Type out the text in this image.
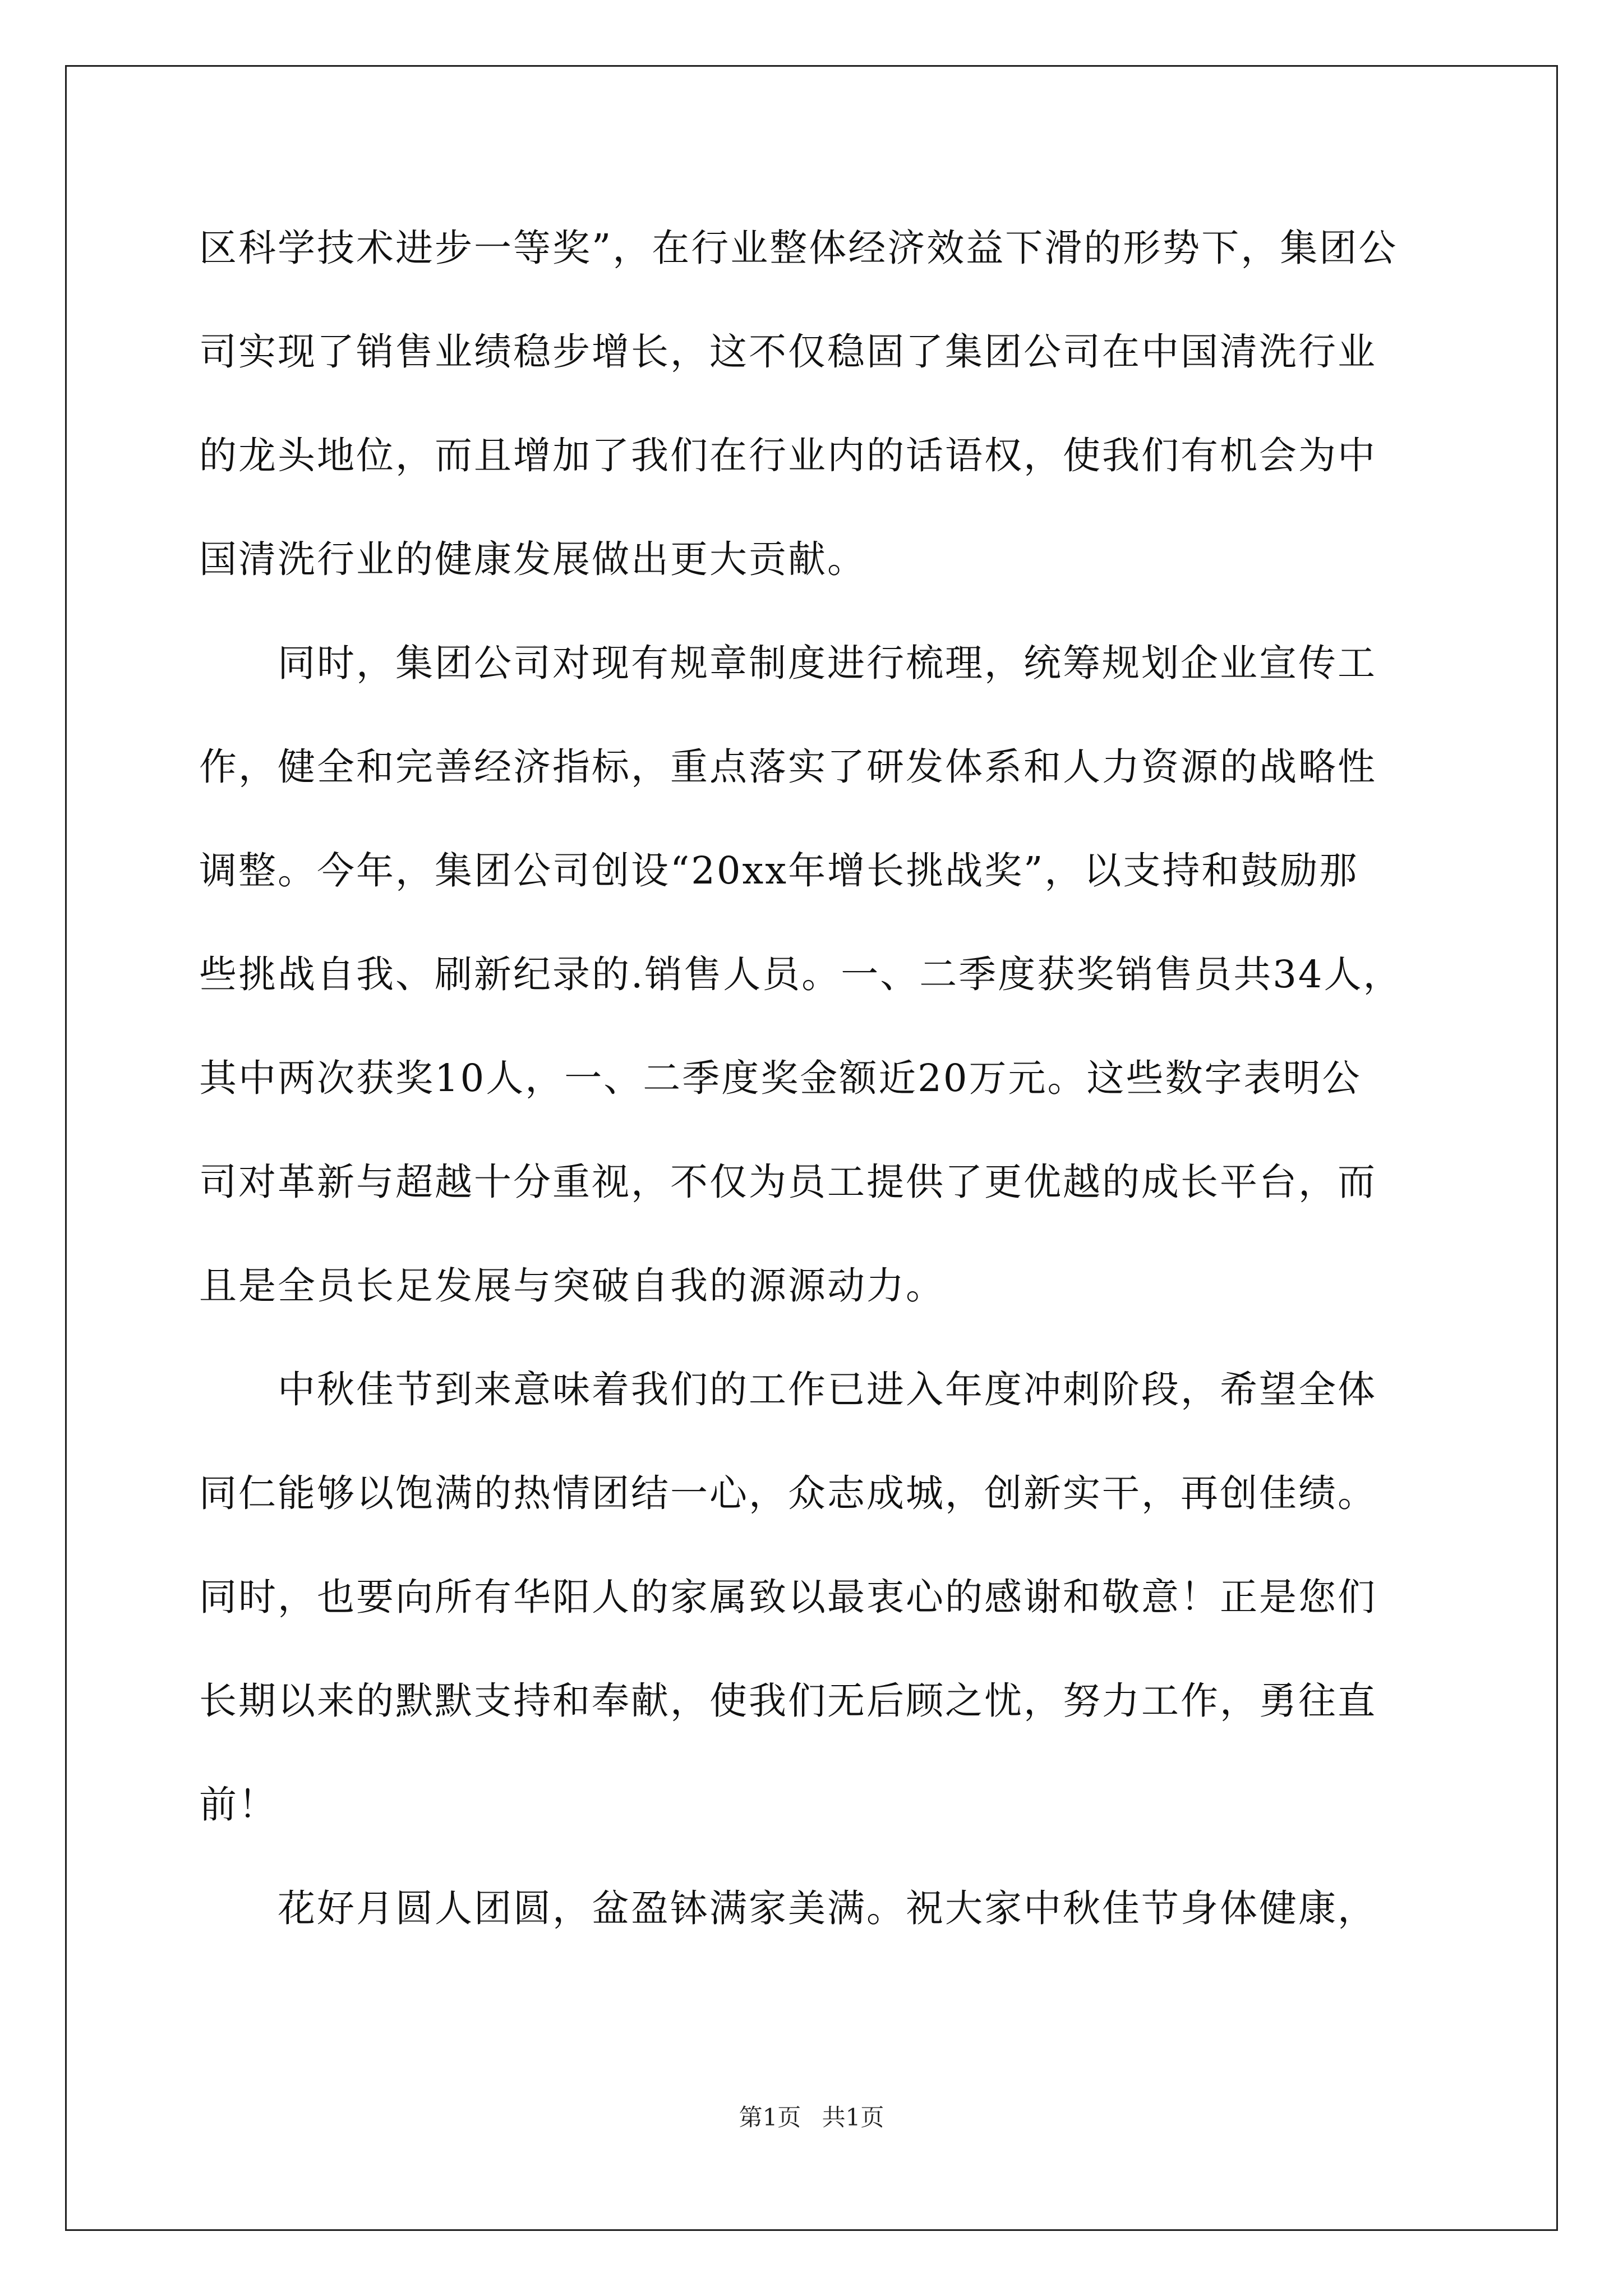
区科学技术进步一等奖”，在行业整体经济效益下滑的形势下，集团公
司实现了销售业绩稳步增长，这不仅稳固了集团公司在中国清洗行业
的龙头地位，而且增加了我们在行业内的话语权，使我们有机会为中
国清洗行业的健康发展做出更大贡献。
同时，集团公司对现有规章制度进行梳理，统筹规划企业宣传工
作，健全和完善经济指标，重点落实了研发体系和人力资源的战略性
调整。今年，集团公司创设“20xx年增长挑战奖”，以支持和鼓励那
些挑战自我、刷新纪录的.销售人员。一、二季度获奖销售员共34人，
其中两次获奖10人，一、二季度奖金额近20万元。这些数字表明公
司对革新与超越十分重视，不仅为员工提供了更优越的成长平台，而
且是全员长足发展与突破自我的源源动力。
中秋佳节到来意味着我们的工作已进入年度冲刺阶段，希望全体
同仁能够以饱满的热情团结一心，众志成城，创新实干，再创佳绩。
同时，也要向所有华阳人的家属致以最衷心的感谢和敬意！正是您们
长期以来的默默支持和奉献，使我们无后顾之忧，努力工作，勇往直
前！
花好月圆人团圆，盆盈钵满家美满。祝大家中秋佳节身体健康，
第1页 共1页
